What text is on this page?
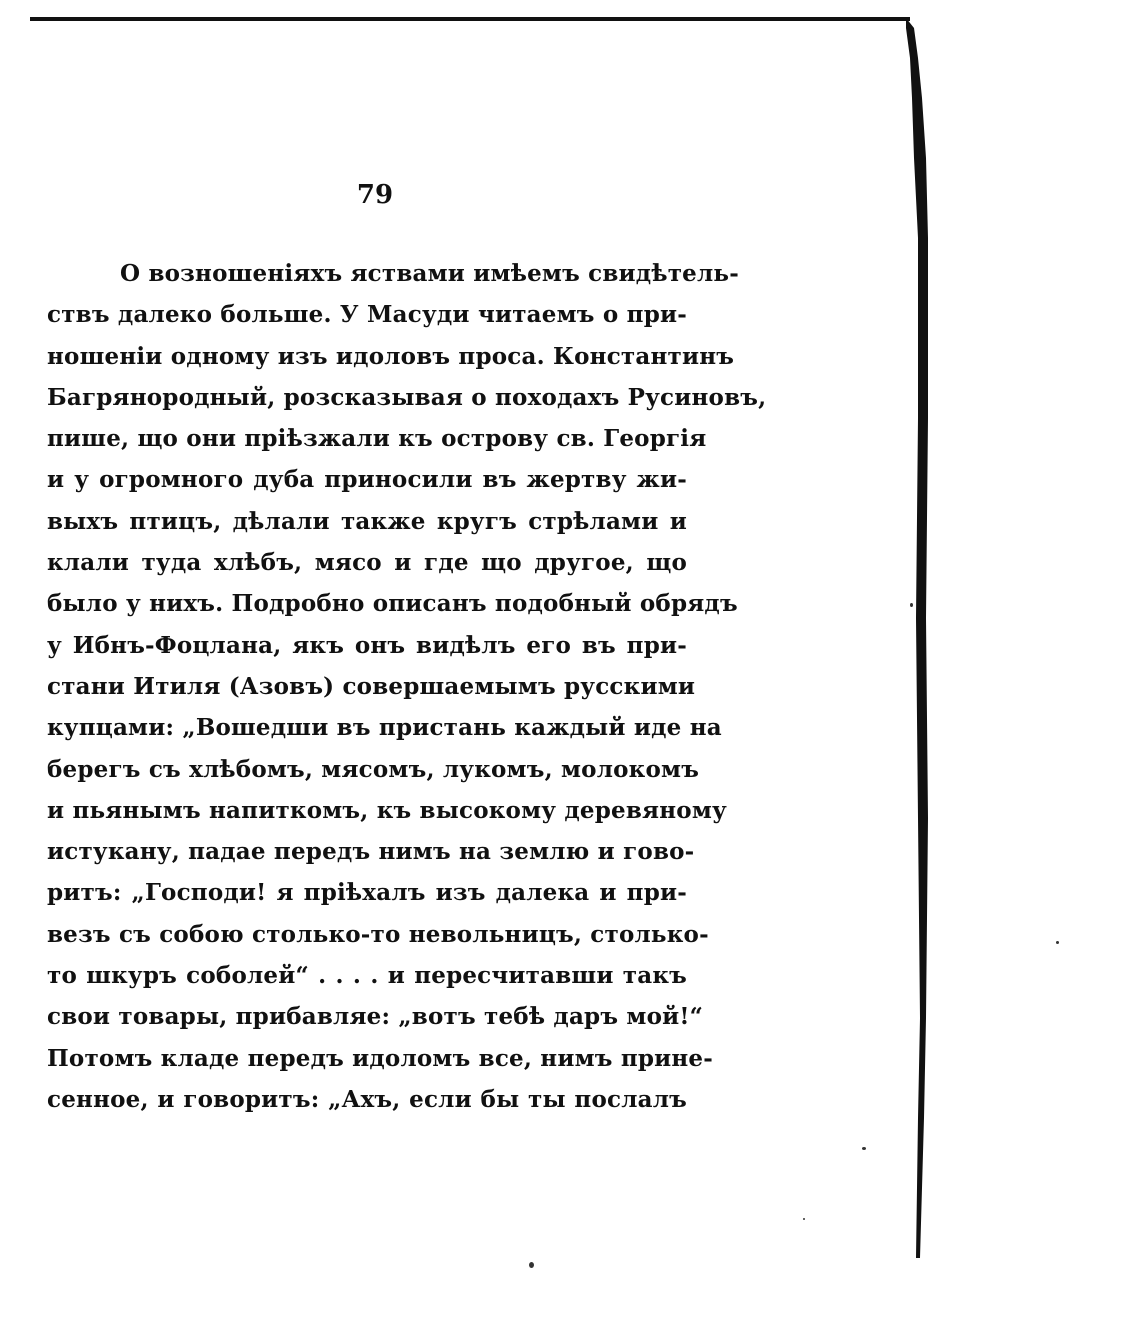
79
О возношеніяхъ яствами имѣемъ свидѣтель-
ствъ далеко больше. У Масуди читаемъ о при-
ношеніи одному изъ идоловъ проса. Константинъ
Багрянородный, розсказывая о походахъ Русиновъ,
пише, що они пріѣзжали къ острову св. Георгія
и у огромного дуба приносили въ жертву жи-
выхъ птицъ, дѣлали также кругъ стрѣлами и
клали туда хлѣбъ, мясо и где що другое, що
было у нихъ. Подробно описанъ подобный обрядъ
у Ибнъ-Фоцлана, якъ онъ видѣлъ его въ при-
стани Итиля (Азовъ) совершаемымъ русскими
купцами: „Вошедши въ пристань каждый иде на
берегъ съ хлѣбомъ, мясомъ, лукомъ, молокомъ
и пьянымъ напиткомъ, къ высокому деревяному
истукану, падае передъ нимъ на землю и гово-
ритъ: „Господи! я пріѣхалъ изъ далека и при-
везъ съ собою столько-то невольницъ, столько-
то шкуръ соболей“ . . . . и пересчитавши такъ
свои товары, прибавляе: „вотъ тебѣ даръ мой!“
Потомъ кладе передъ идоломъ все, нимъ прине-
сенное, и говоритъ: „Ахъ, если бы ты послалъ
